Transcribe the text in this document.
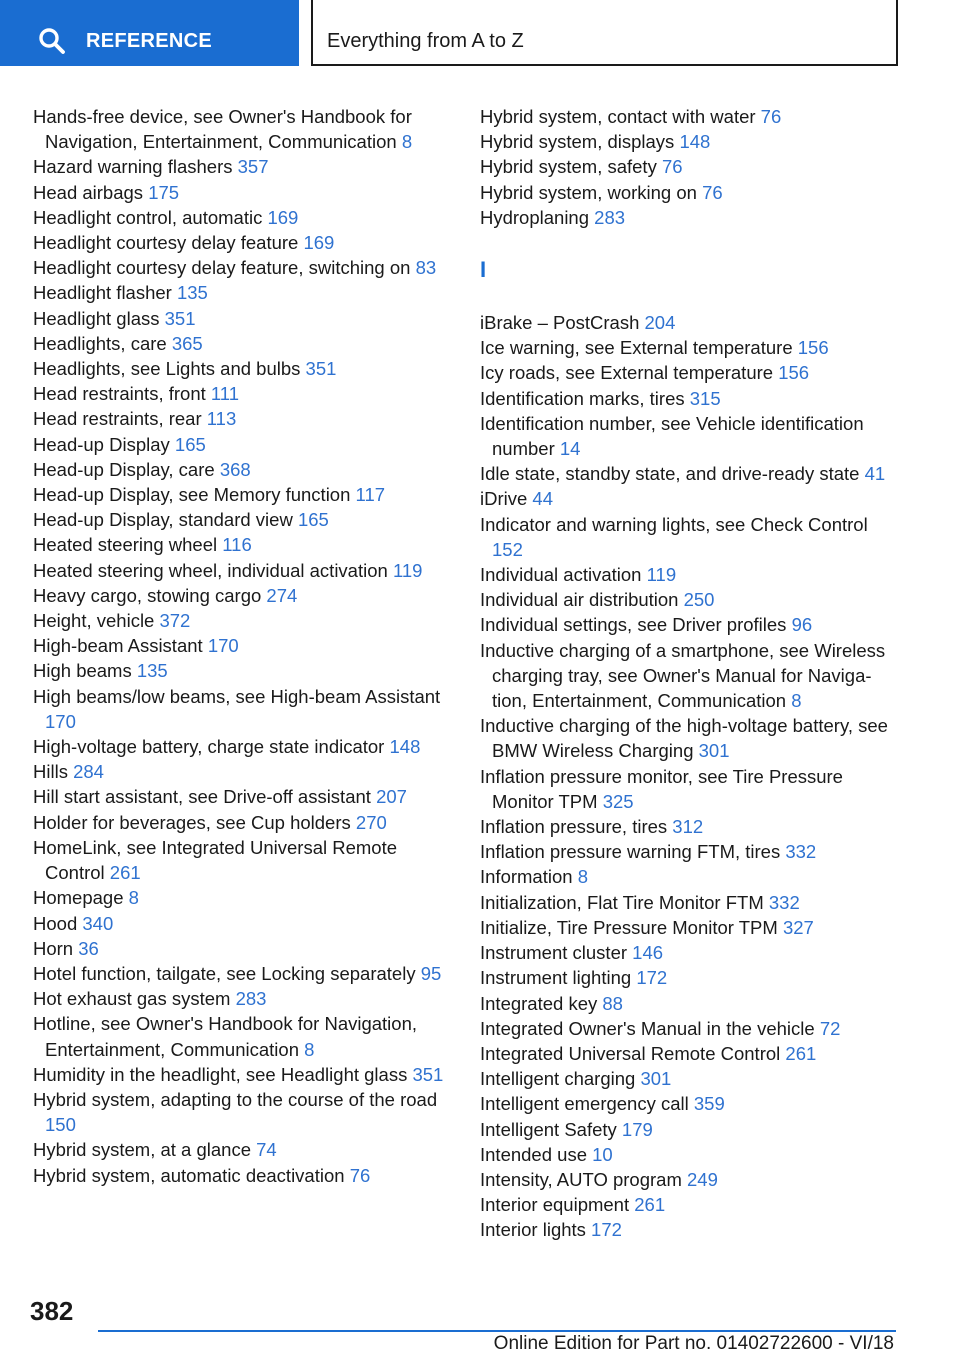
REFERENCE	Everything from A to Z
Hands-free device, see Owner's Handbook for Navigation, Entertainment, Communication 8
Hazard warning flashers 357
Head airbags 175
Headlight control, automatic 169
Headlight courtesy delay feature 169
Headlight courtesy delay feature, switching on 83
Headlight flasher 135
Headlight glass 351
Headlights, care 365
Headlights, see Lights and bulbs 351
Head restraints, front 111
Head restraints, rear 113
Head-up Display 165
Head-up Display, care 368
Head-up Display, see Memory function 117
Head-up Display, standard view 165
Heated steering wheel 116
Heated steering wheel, individual activation 119
Heavy cargo, stowing cargo 274
Height, vehicle 372
High-beam Assistant 170
High beams 135
High beams/low beams, see High-beam Assistant 170
High-voltage battery, charge state indicator 148
Hills 284
Hill start assistant, see Drive-off assistant 207
Holder for beverages, see Cup holders 270
HomeLink, see Integrated Universal Remote Control 261
Homepage 8
Hood 340
Horn 36
Hotel function, tailgate, see Locking separately 95
Hot exhaust gas system 283
Hotline, see Owner's Handbook for Navigation, Entertainment, Communication 8
Humidity in the headlight, see Headlight glass 351
Hybrid system, adapting to the course of the road 150
Hybrid system, at a glance 74
Hybrid system, automatic deactivation 76
Hybrid system, contact with water 76
Hybrid system, displays 148
Hybrid system, safety 76
Hybrid system, working on 76
Hydroplaning 283
I
iBrake – PostCrash 204
Ice warning, see External temperature 156
Icy roads, see External temperature 156
Identification marks, tires 315
Identification number, see Vehicle identification number 14
Idle state, standby state, and drive-ready state 41
iDrive 44
Indicator and warning lights, see Check Control 152
Individual activation 119
Individual air distribution 250
Individual settings, see Driver profiles 96
Inductive charging of a smartphone, see Wireless charging tray, see Owner's Manual for Navigation, Entertainment, Communication 8
Inductive charging of the high-voltage battery, see BMW Wireless Charging 301
Inflation pressure monitor, see Tire Pressure Monitor TPM 325
Inflation pressure, tires 312
Inflation pressure warning FTM, tires 332
Information 8
Initialization, Flat Tire Monitor FTM 332
Initialize, Tire Pressure Monitor TPM 327
Instrument cluster 146
Instrument lighting 172
Integrated key 88
Integrated Owner's Manual in the vehicle 72
Integrated Universal Remote Control 261
Intelligent charging 301
Intelligent emergency call 359
Intelligent Safety 179
Intended use 10
Intensity, AUTO program 249
Interior equipment 261
Interior lights 172
382
Online Edition for Part no. 01402722600 - VI/18
